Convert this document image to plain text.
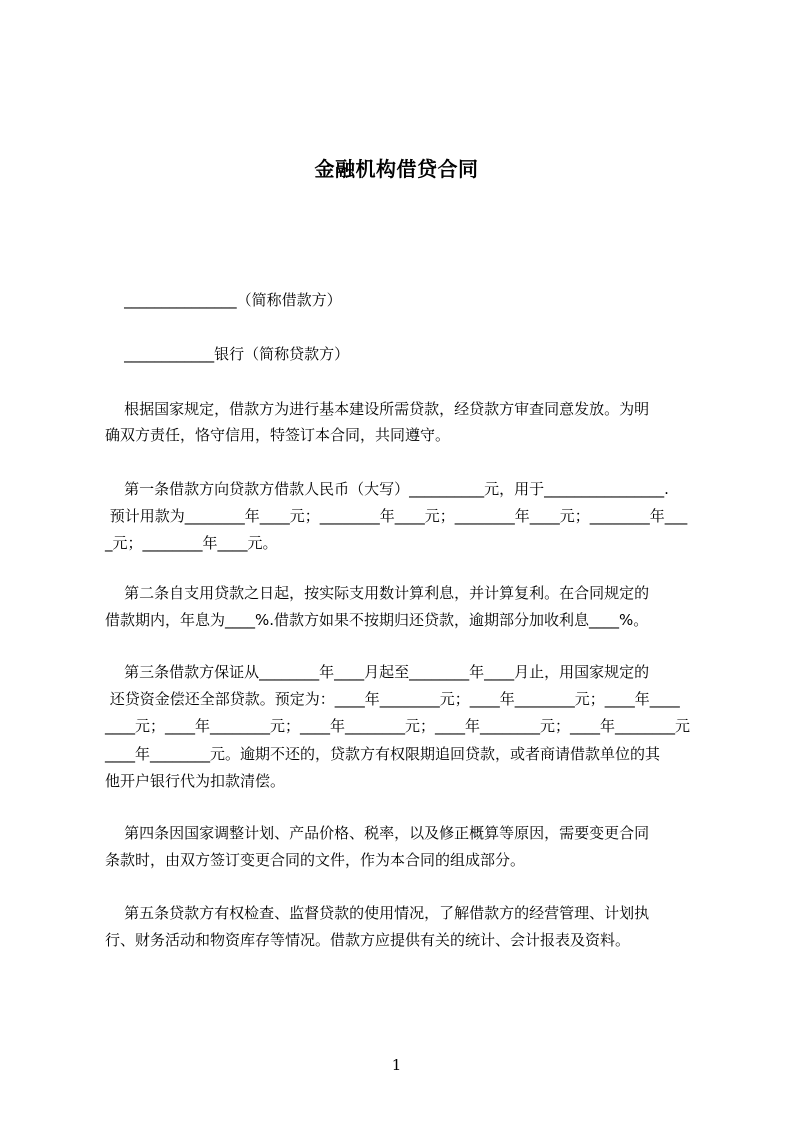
金融机构借贷合同

_______________（简称借款方）

____________银行（简称贷款方）

根据国家规定，借款方为进行基本建设所需贷款，经贷款方审查同意发放。为明

确双方责任，恪守信用，特签订本合同，共同遵守。

第一条借款方向贷款方借款人民币（大写）__________元，用于________________.

预计用款为________年____元；________年____元；________年____元；________年___

_元；________年____元。

第二条自支用贷款之日起，按实际支用数计算利息，并计算复利。在合同规定的

借款期内，年息为____%.借款方如果不按期归还贷款，逾期部分加收利息____%。

第三条借款方保证从________年____月起至________年____月止，用国家规定的

还贷资金偿还全部贷款。预定为：____年________元；____年________元；____年____

____元；____年________元；____年________元；____年________元；____年________元

____年________元。逾期不还的，贷款方有权限期追回贷款，或者商请借款单位的其

他开户银行代为扣款清偿。

第四条因国家调整计划、产品价格、税率，以及修正概算等原因，需要变更合同

条款时，由双方签订变更合同的文件，作为本合同的组成部分。

第五条贷款方有权检查、监督贷款的使用情况，了解借款方的经营管理、计划执

行、财务活动和物资库存等情况。借款方应提供有关的统计、会计报表及资料。

1
